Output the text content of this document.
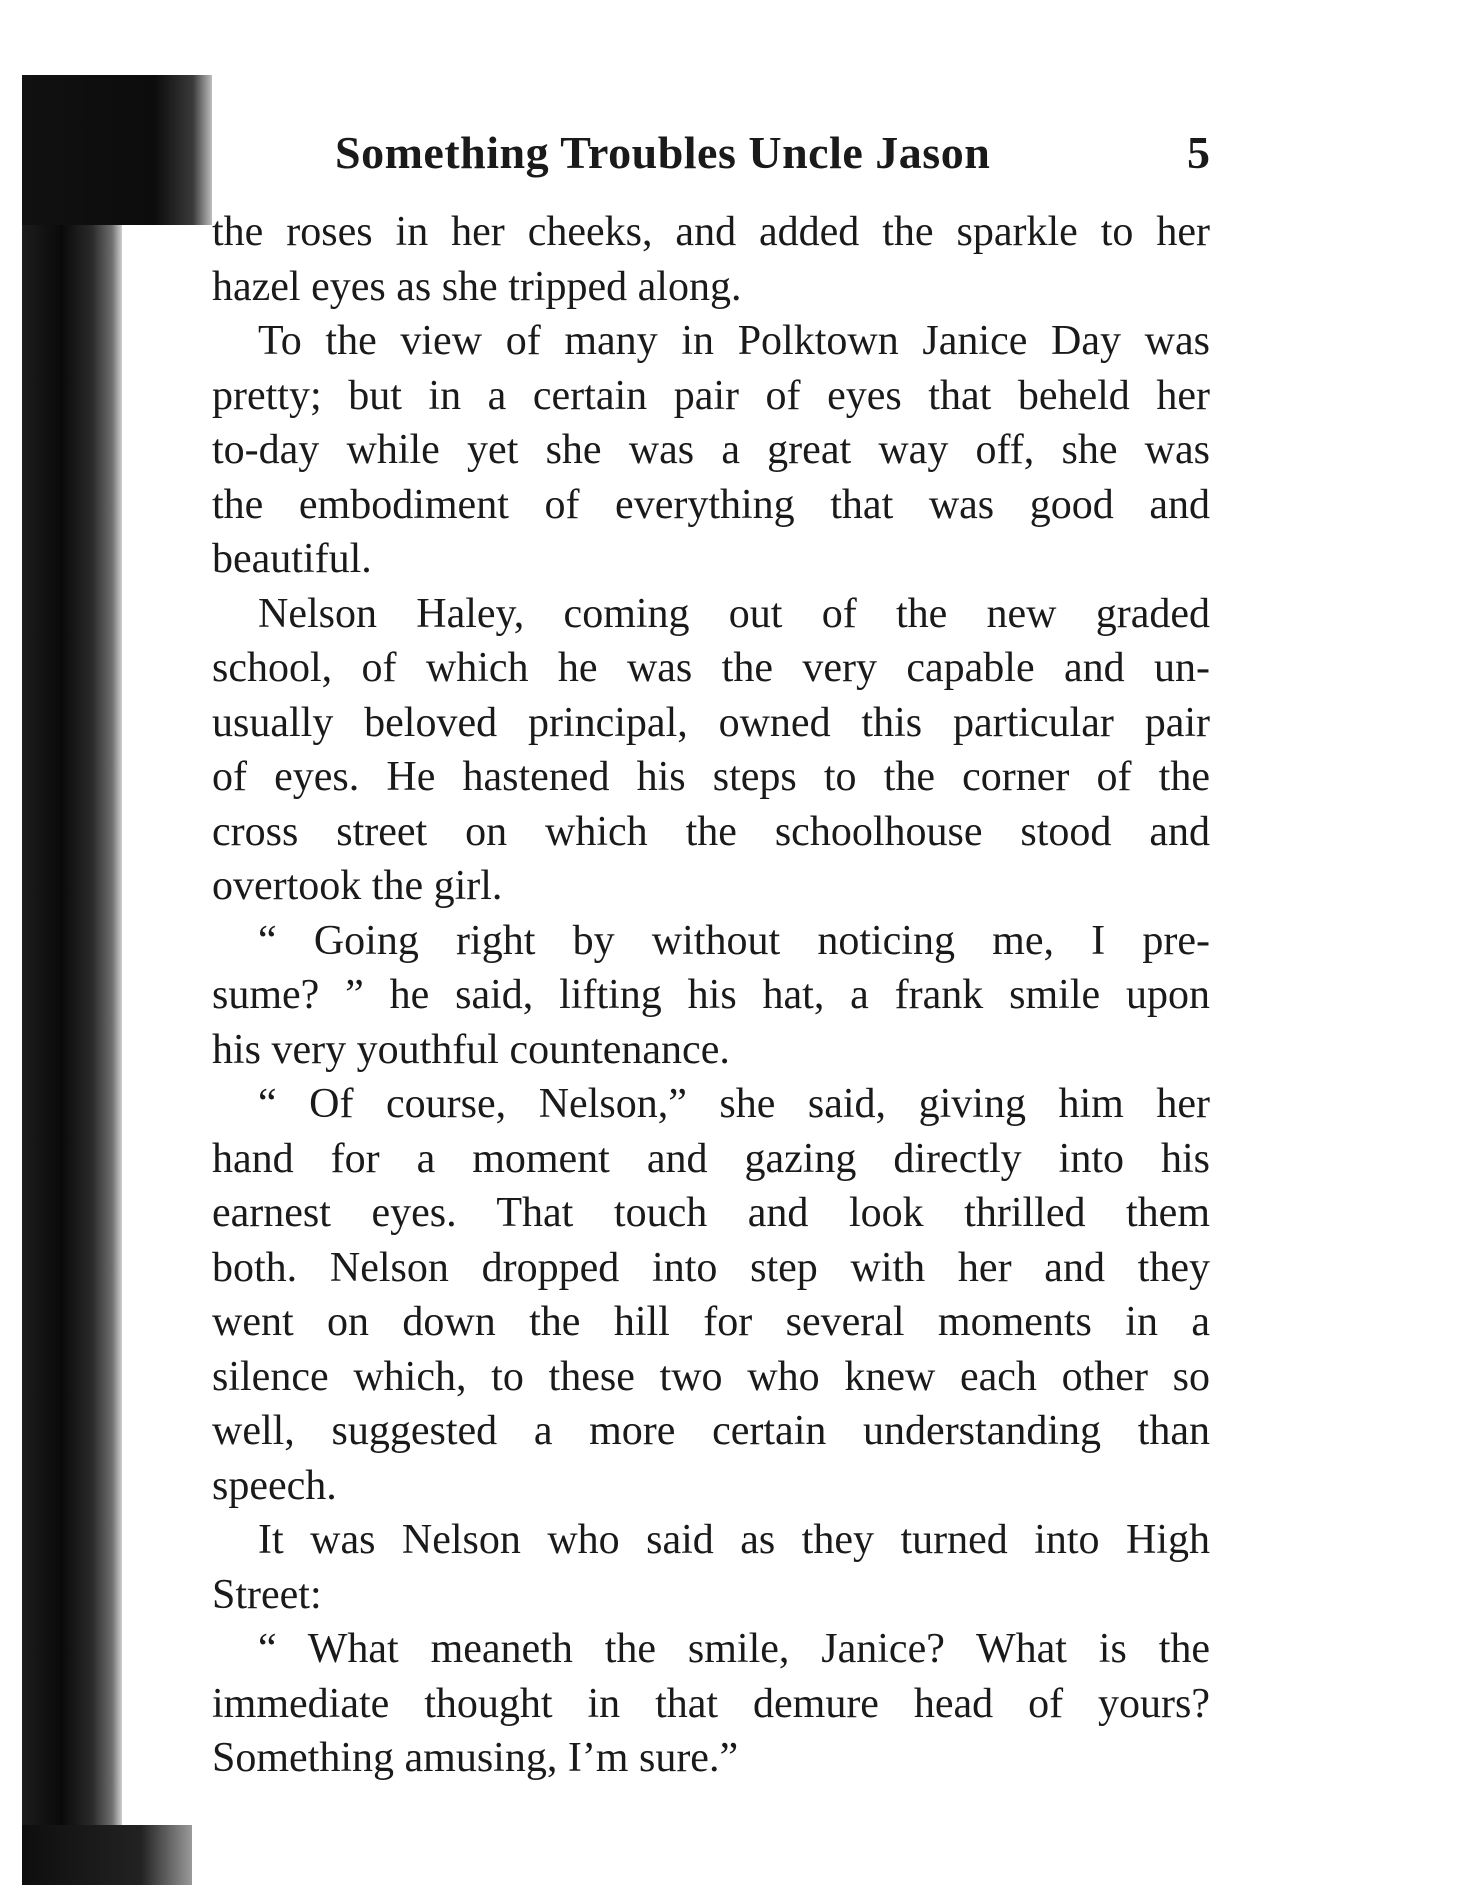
Something Troubles Uncle Jason	5
the roses in her cheeks, and added the sparkle to her
hazel eyes as she tripped along.
To the view of many in Polktown Janice Day was
pretty; but in a certain pair of eyes that beheld her
to-day while yet she was a great way off, she was
the embodiment of everything that was good and
beautiful.
Nelson Haley, coming out of the new graded
school, of which he was the very capable and un-
usually beloved principal, owned this particular pair
of eyes. He hastened his steps to the corner of the
cross street on which the schoolhouse stood and
overtook the girl.
“ Going right by without noticing me, I pre-
sume? ” he said, lifting his hat, a frank smile upon
his very youthful countenance.
“ Of course, Nelson,” she said, giving him her
hand for a moment and gazing directly into his
earnest eyes. That touch and look thrilled them
both. Nelson dropped into step with her and they
went on down the hill for several moments in a
silence which, to these two who knew each other so
well, suggested a more certain understanding than
speech.
It was Nelson who said as they turned into High
Street:
“ What meaneth the smile, Janice? What is the
immediate thought in that demure head of yours?
Something amusing, I’m sure.”
